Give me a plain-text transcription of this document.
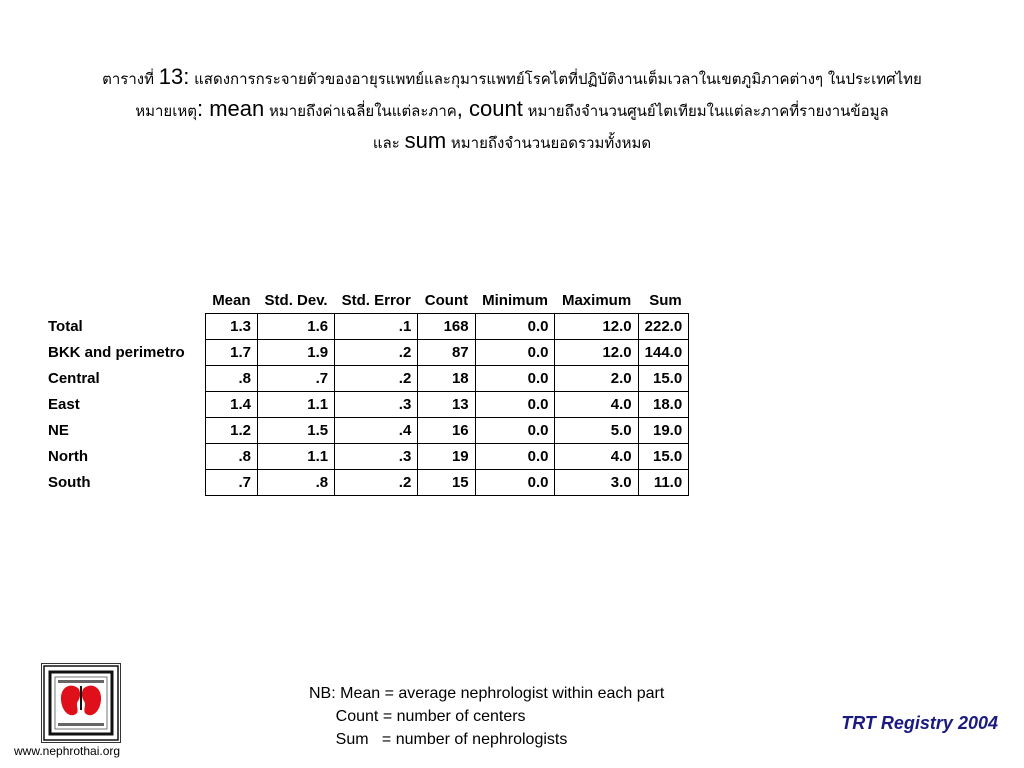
ตารางที่ 13: แสดงการกระจายตัวของอายุรแพทย์และกุมารแพทย์โรคไตที่ปฏิบัติงานเต็มเวลาในเขตภูมิภาคต่างๆ ในประเทศไทย
หมายเหตุ: mean หมายถึงค่าเฉลี่ยในแต่ละภาค, count หมายถึงจำนวนศูนย์ไตเทียมในแต่ละภาคที่รายงานข้อมูล
และ sum หมายถึงจำนวนยอดรวมทั้งหมด
	Mean	Std. Dev.	Std. Error	Count	Minimum	Maximum	Sum
Total	1.3	1.6	.1	168	0.0	12.0	222.0
BKK and perimetro	1.7	1.9	.2	87	0.0	12.0	144.0
Central	.8	.7	.2	18	0.0	2.0	15.0
East	1.4	1.1	.3	13	0.0	4.0	18.0
NE	1.2	1.5	.4	16	0.0	5.0	19.0
North	.8	1.1	.3	19	0.0	4.0	15.0
South	.7	.8	.2	15	0.0	3.0	11.0
www.nephrothai.org
NB: Mean = average nephrologist within each part
Count = number of centers
Sum   = number of nephrologists
TRT Registry 2004
